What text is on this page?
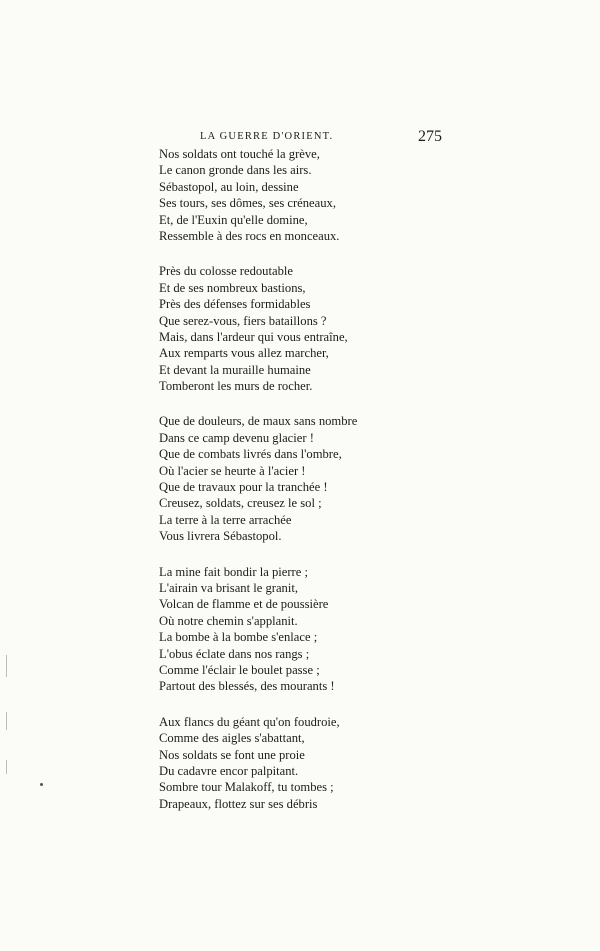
LA GUERRE D'ORIENT.	275
Nos soldats ont touché la grève,
Le canon gronde dans les airs.
Sébastopol, au loin, dessine
Ses tours, ses dômes, ses créneaux,
Et, de l'Euxin qu'elle domine,
Ressemble à des rocs en monceaux.
Près du colosse redoutable
Et de ses nombreux bastions,
Près des défenses formidables
Que serez-vous, fiers bataillons ?
Mais, dans l'ardeur qui vous entraîne,
Aux remparts vous allez marcher,
Et devant la muraille humaine
Tomberont les murs de rocher.
Que de douleurs, de maux sans nombre
Dans ce camp devenu glacier !
Que de combats livrés dans l'ombre,
Où l'acier se heurte à l'acier !
Que de travaux pour la tranchée !
Creusez, soldats, creusez le sol ;
La terre à la terre arrachée
Vous livrera Sébastopol.
La mine fait bondir la pierre ;
L'airain va brisant le granit,
Volcan de flamme et de poussière
Où notre chemin s'applanit.
La bombe à la bombe s'enlace ;
L'obus éclate dans nos rangs ;
Comme l'éclair le boulet passe ;
Partout des blessés, des mourants !
Aux flancs du géant qu'on foudroie,
Comme des aigles s'abattant,
Nos soldats se font une proie
Du cadavre encor palpitant.
Sombre tour Malakoff, tu tombes ;
Drapeaux, flottez sur ses débris
